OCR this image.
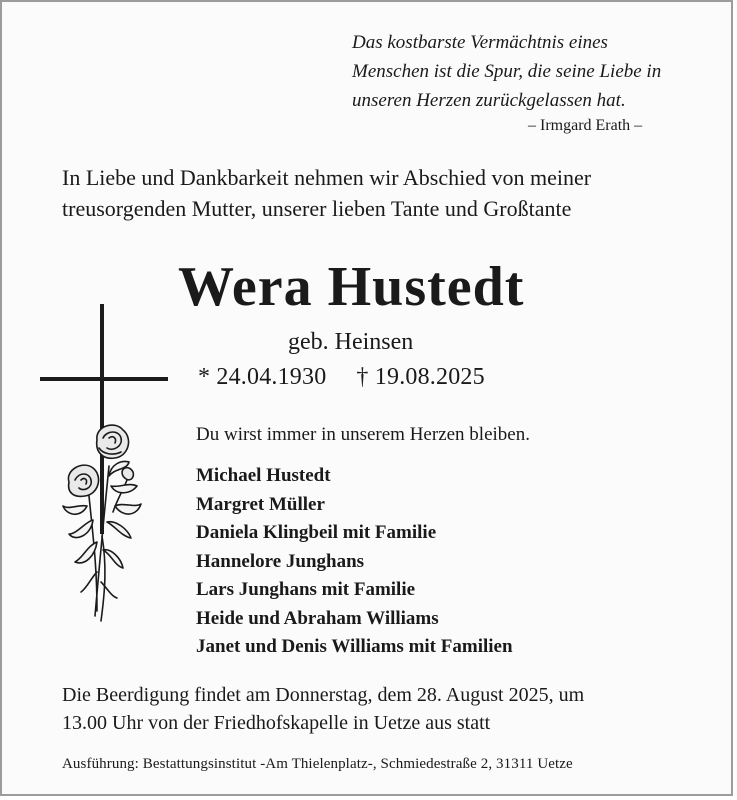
Das kostbarste Vermächtnis eines
Menschen ist die Spur, die seine Liebe in
unseren Herzen zurückgelassen hat.
– Irmgard Erath –
In Liebe und Dankbarkeit nehmen wir Abschied von meiner
treusorgenden Mutter, unserer lieben Tante und Großtante
Wera Hustedt
geb. Heinsen
* 24.04.1930 † 19.08.2025
Du wirst immer in unserem Herzen bleiben.
Michael Hustedt
Margret Müller
Daniela Klingbeil mit Familie
Hannelore Junghans
Lars Junghans mit Familie
Heide und Abraham Williams
Janet und Denis Williams mit Familien
Die Beerdigung findet am Donnerstag, dem 28. August 2025, um
13.00 Uhr von der Friedhofskapelle in Uetze aus statt
Ausführung: Bestattungsinstitut -Am Thielenplatz-, Schmiedestraße 2, 31311 Uetze
